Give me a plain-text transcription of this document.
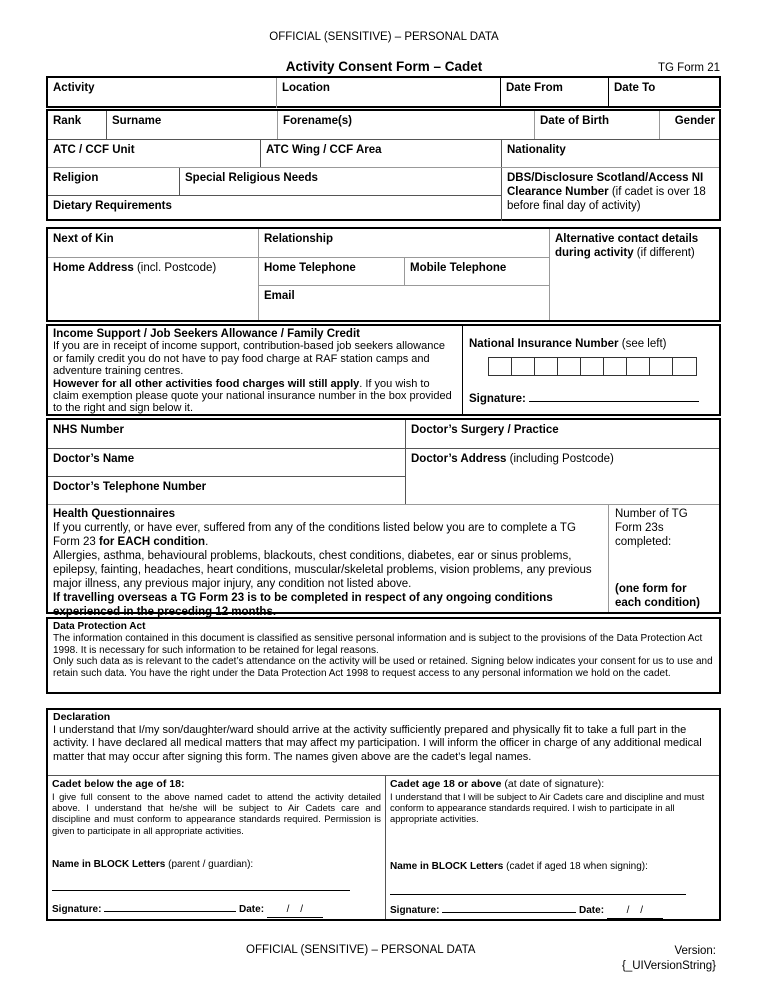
OFFICIAL (SENSITIVE) – PERSONAL DATA
Activity Consent Form – Cadet	TG Form 21
Activity	Location	Date From	Date To
Rank	Surname	Forename(s)	Date of Birth	Gender
ATC / CCF Unit	ATC Wing / CCF Area	Nationality
Religion	Special Religious Needs
Dietary Requirements
DBS/Disclosure Scotland/Access NI Clearance Number (if cadet is over 18 before final day of activity)
Next of Kin	Relationship	Alternative contact details during activity (if different)
Home Address (incl. Postcode)	Home Telephone	Mobile Telephone
Email
Income Support / Job Seekers Allowance / Family Credit
If you are in receipt of income support, contribution-based job seekers allowance or family credit you do not have to pay food charge at RAF station camps and adventure training centres.
However for all other activities food charges will still apply. If you wish to claim exemption please quote your national insurance number in the box provided to the right and sign below it.
National Insurance Number (see left)
Signature:
NHS Number	Doctor’s Surgery / Practice
Doctor’s Name	Doctor’s Address (including Postcode)
Doctor’s Telephone Number
Health Questionnaires
If you currently, or have ever, suffered from any of the conditions listed below you are to complete a TG Form 23 for EACH condition.
Allergies, asthma, behavioural problems, blackouts, chest conditions, diabetes, ear or sinus problems, epilepsy, fainting, headaches, heart conditions, muscular/skeletal problems, vision problems, any previous major illness, any previous major injury, any condition not listed above.
If travelling overseas a TG Form 23 is to be completed in respect of any ongoing conditions experienced in the preceding 12 months.
Number of TG Form 23s completed:
(one form for each condition)
Data Protection Act
The information contained in this document is classified as sensitive personal information and is subject to the provisions of the Data Protection Act 1998. It is necessary for such information to be retained for legal reasons.
Only such data as is relevant to the cadet’s attendance on the activity will be used or retained. Signing below indicates your consent for us to use and retain such data. You have the right under the Data Protection Act 1998 to request access to any personal information we hold on the cadet.
Declaration
I understand that I/my son/daughter/ward should arrive at the activity sufficiently prepared and physically fit to take a full part in the activity. I have declared all medical matters that may affect my participation. I will inform the officer in charge of any additional medical matter that may occur after signing this form. The names given above are the cadet’s legal names.
Cadet below the age of 18:
I give full consent to the above named cadet to attend the activity detailed above. I understand that he/she will be subject to Air Cadets care and discipline and must conform to appearance standards required. Permission is given to participate in all appropriate activities.
Name in BLOCK Letters (parent / guardian):
Signature:	Date: / /
Cadet age 18 or above (at date of signature):
I understand that I will be subject to Air Cadets care and discipline and must conform to appearance standards required. I wish to participate in all appropriate activities.
Name in BLOCK Letters (cadet if aged 18 when signing):
Signature:	Date: / /
OFFICIAL (SENSITIVE) – PERSONAL DATA	Version:
{_UIVersionString}
